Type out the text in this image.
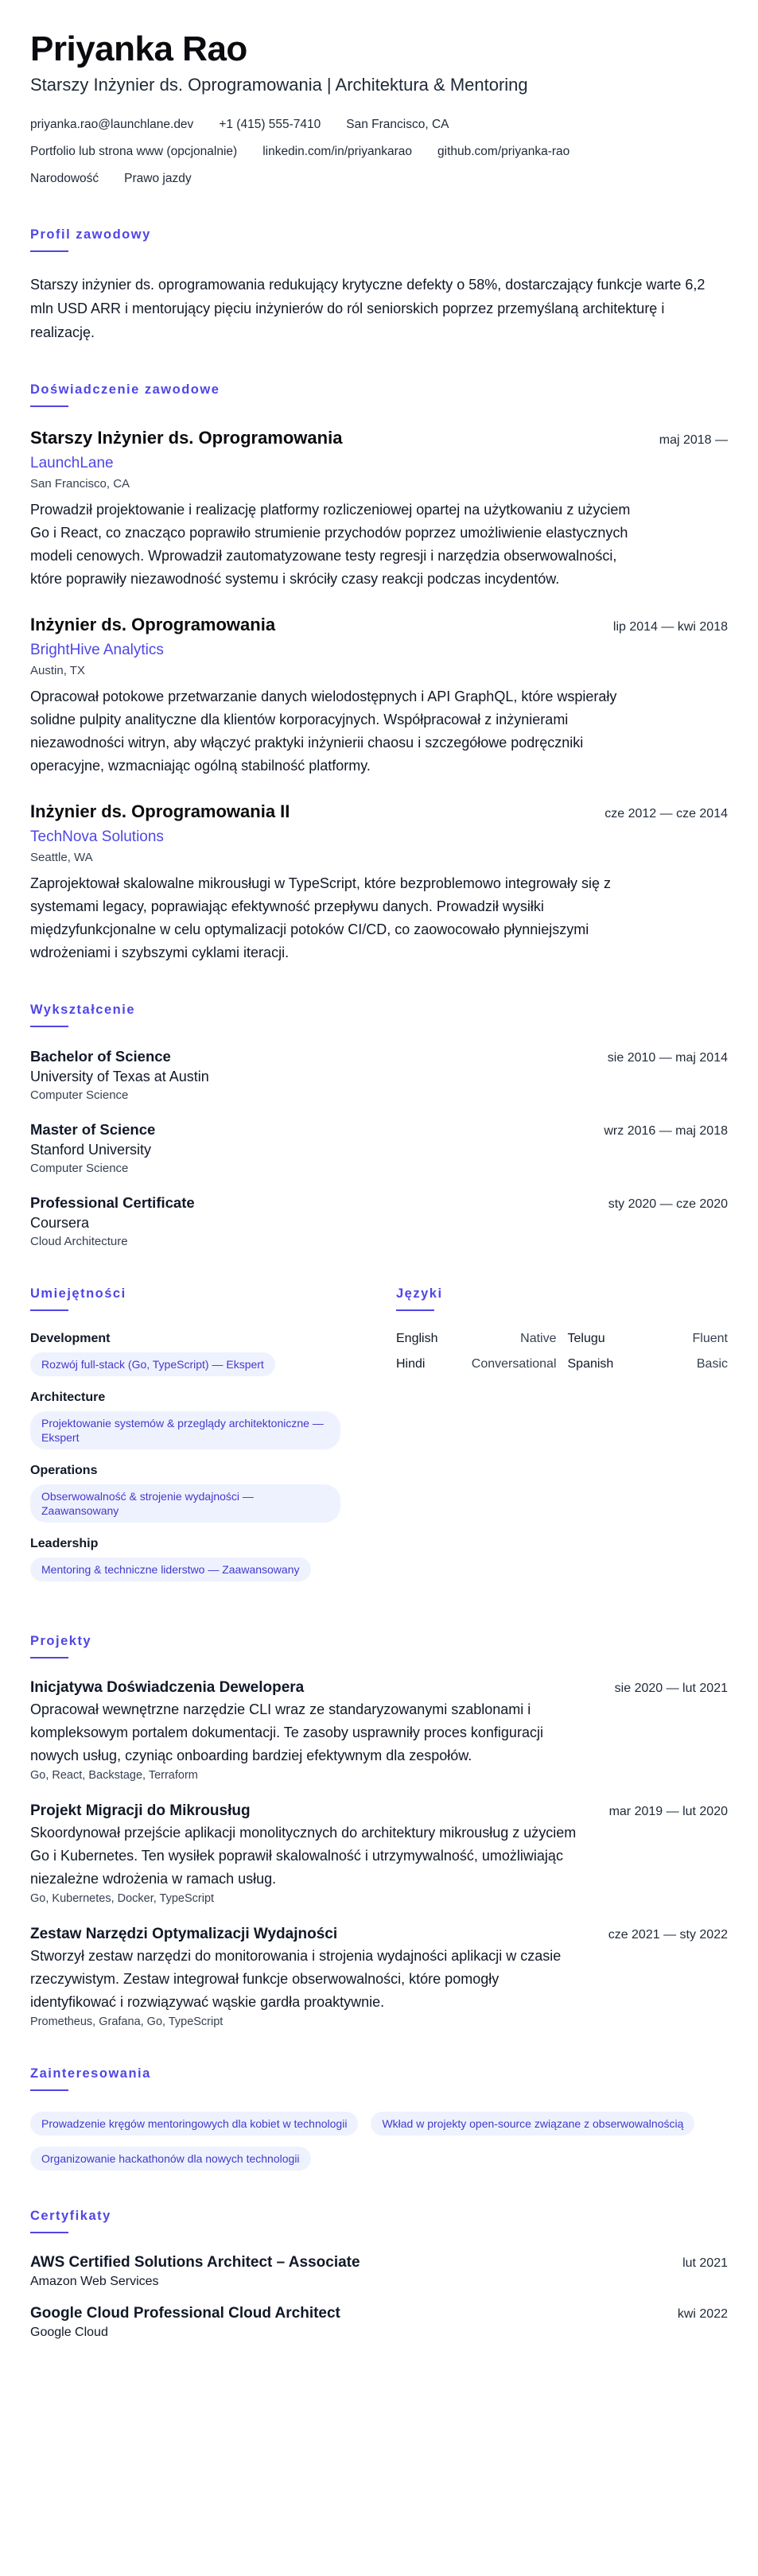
Priyanka Rao
Starszy Inżynier ds. Oprogramowania | Architektura & Mentoring
priyanka.rao@launchlane.dev +1 (415) 555-7410 San Francisco, CA
Portfolio lub strona www (opcjonalnie) linkedin.com/in/priyankarao github.com/priyanka-rao
Narodowość Prawo jazdy
Profil zawodowy
Starszy inżynier ds. oprogramowania redukujący krytyczne defekty o 58%, dostarczający funkcje warte 6,2 mln USD ARR i mentorujący pięciu inżynierów do ról seniorskich poprzez przemyślaną architekturę i realizację.
Doświadczenie zawodowe
Starszy Inżynier ds. Oprogramowania	maj 2018 —
LaunchLane
San Francisco, CA
Prowadził projektowanie i realizację platformy rozliczeniowej opartej na użytkowaniu z użyciem Go i React, co znacząco poprawiło strumienie przychodów poprzez umożliwienie elastycznych modeli cenowych. Wprowadził zautomatyzowane testy regresji i narzędzia obserwowalności, które poprawiły niezawodność systemu i skróciły czasy reakcji podczas incydentów.
Inżynier ds. Oprogramowania	lip 2014 — kwi 2018
BrightHive Analytics
Austin, TX
Opracował potokowe przetwarzanie danych wielodostępnych i API GraphQL, które wspierały solidne pulpity analityczne dla klientów korporacyjnych. Współpracował z inżynierami niezawodności witryn, aby włączyć praktyki inżynierii chaosu i szczegółowe podręczniki operacyjne, wzmacniając ogólną stabilność platformy.
Inżynier ds. Oprogramowania II	cze 2012 — cze 2014
TechNova Solutions
Seattle, WA
Zaprojektował skalowalne mikrousługi w TypeScript, które bezproblemowo integrowały się z systemami legacy, poprawiając efektywność przepływu danych. Prowadził wysiłki międzyfunkcjonalne w celu optymalizacji potoków CI/CD, co zaowocowało płynniejszymi wdrożeniami i szybszymi cyklami iteracji.
Wykształcenie
Bachelor of Science	sie 2010 — maj 2014
University of Texas at Austin
Computer Science
Master of Science	wrz 2016 — maj 2018
Stanford University
Computer Science
Professional Certificate	sty 2020 — cze 2020
Coursera
Cloud Architecture
Umiejętności
Development
Rozwój full-stack (Go, TypeScript) — Ekspert
Architecture
Projektowanie systemów & przeglądy architektoniczne — Ekspert
Operations
Obserwowalność & strojenie wydajności — Zaawansowany
Leadership
Mentoring & techniczne liderstwo — Zaawansowany
Języki
English	Native Telugu	Fluent
Hindi	Conversational Spanish	Basic
Projekty
Inicjatywa Doświadczenia Dewelopera	sie 2020 — lut 2021
Opracował wewnętrzne narzędzie CLI wraz ze standaryzowanymi szablonami i kompleksowym portalem dokumentacji. Te zasoby usprawniły proces konfiguracji nowych usług, czyniąc onboarding bardziej efektywnym dla zespołów.
Go, React, Backstage, Terraform
Projekt Migracji do Mikrousług	mar 2019 — lut 2020
Skoordynował przejście aplikacji monolitycznych do architektury mikrousług z użyciem Go i Kubernetes. Ten wysiłek poprawił skalowalność i utrzymywalność, umożliwiając niezależne wdrożenia w ramach usług.
Go, Kubernetes, Docker, TypeScript
Zestaw Narzędzi Optymalizacji Wydajności	cze 2021 — sty 2022
Stworzył zestaw narzędzi do monitorowania i strojenia wydajności aplikacji w czasie rzeczywistym. Zestaw integrował funkcje obserwowalności, które pomogły identyfikować i rozwiązywać wąskie gardła proaktywnie.
Prometheus, Grafana, Go, TypeScript
Zainteresowania
Prowadzenie kręgów mentoringowych dla kobiet w technologii	Wkład w projekty open-source związane z obserwowalnością
Organizowanie hackathonów dla nowych technologii
Certyfikaty
AWS Certified Solutions Architect – Associate	lut 2021
Amazon Web Services
Google Cloud Professional Cloud Architect	kwi 2022
Google Cloud
